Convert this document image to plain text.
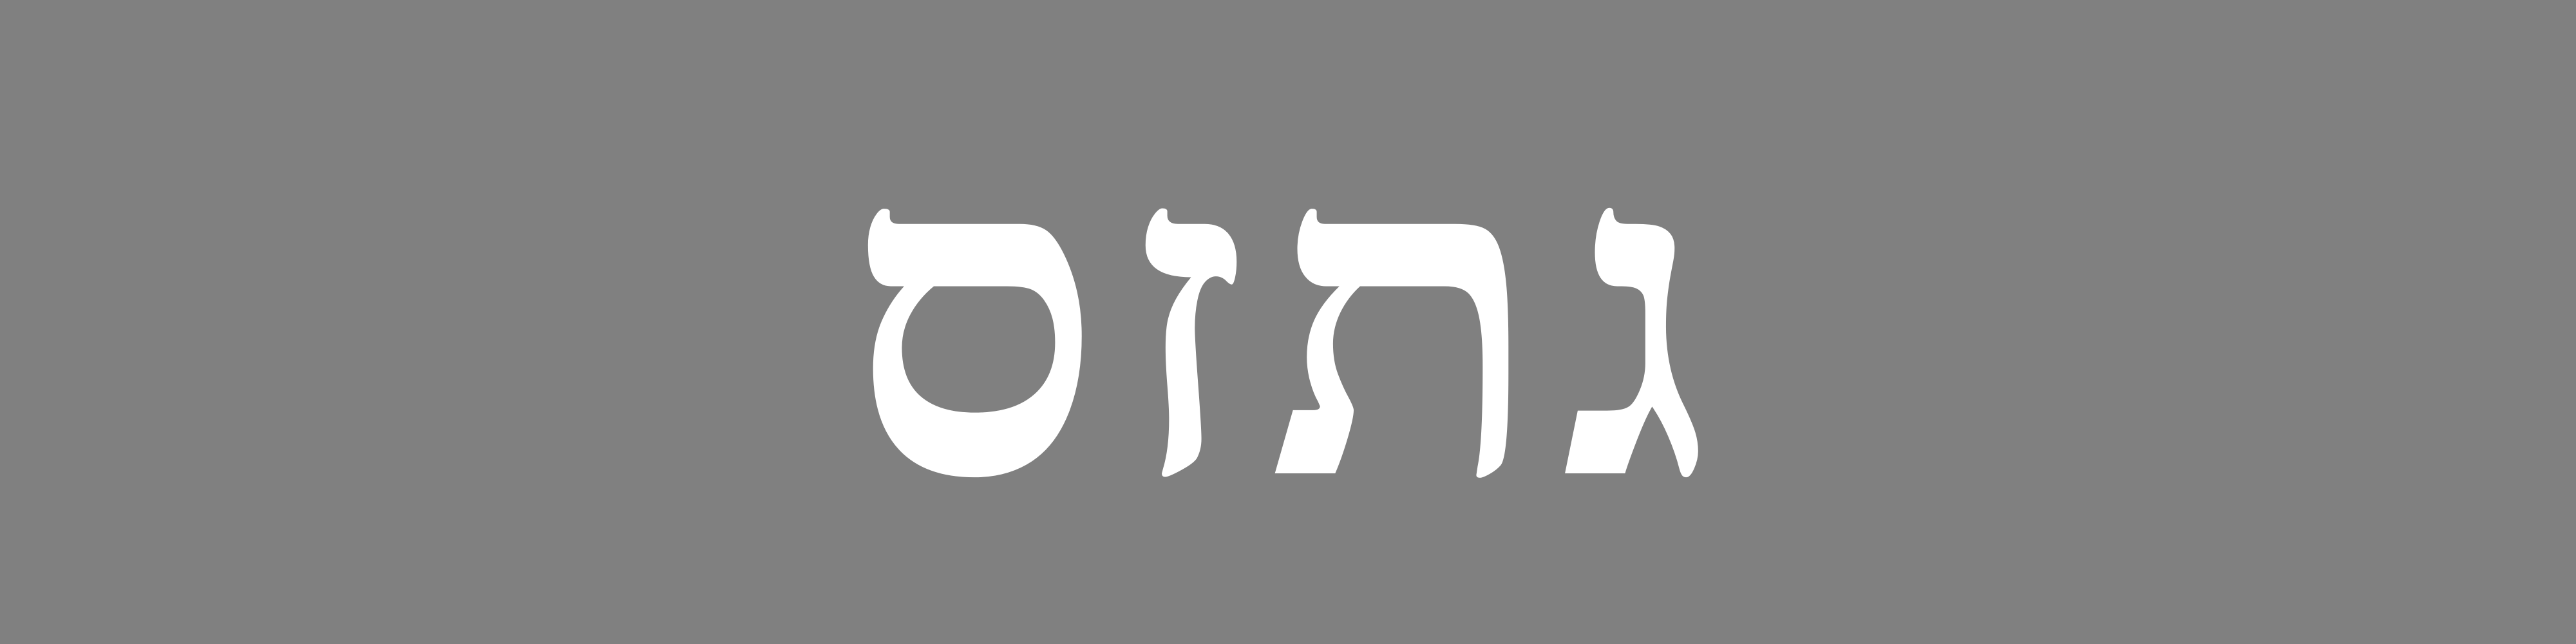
גתזס
